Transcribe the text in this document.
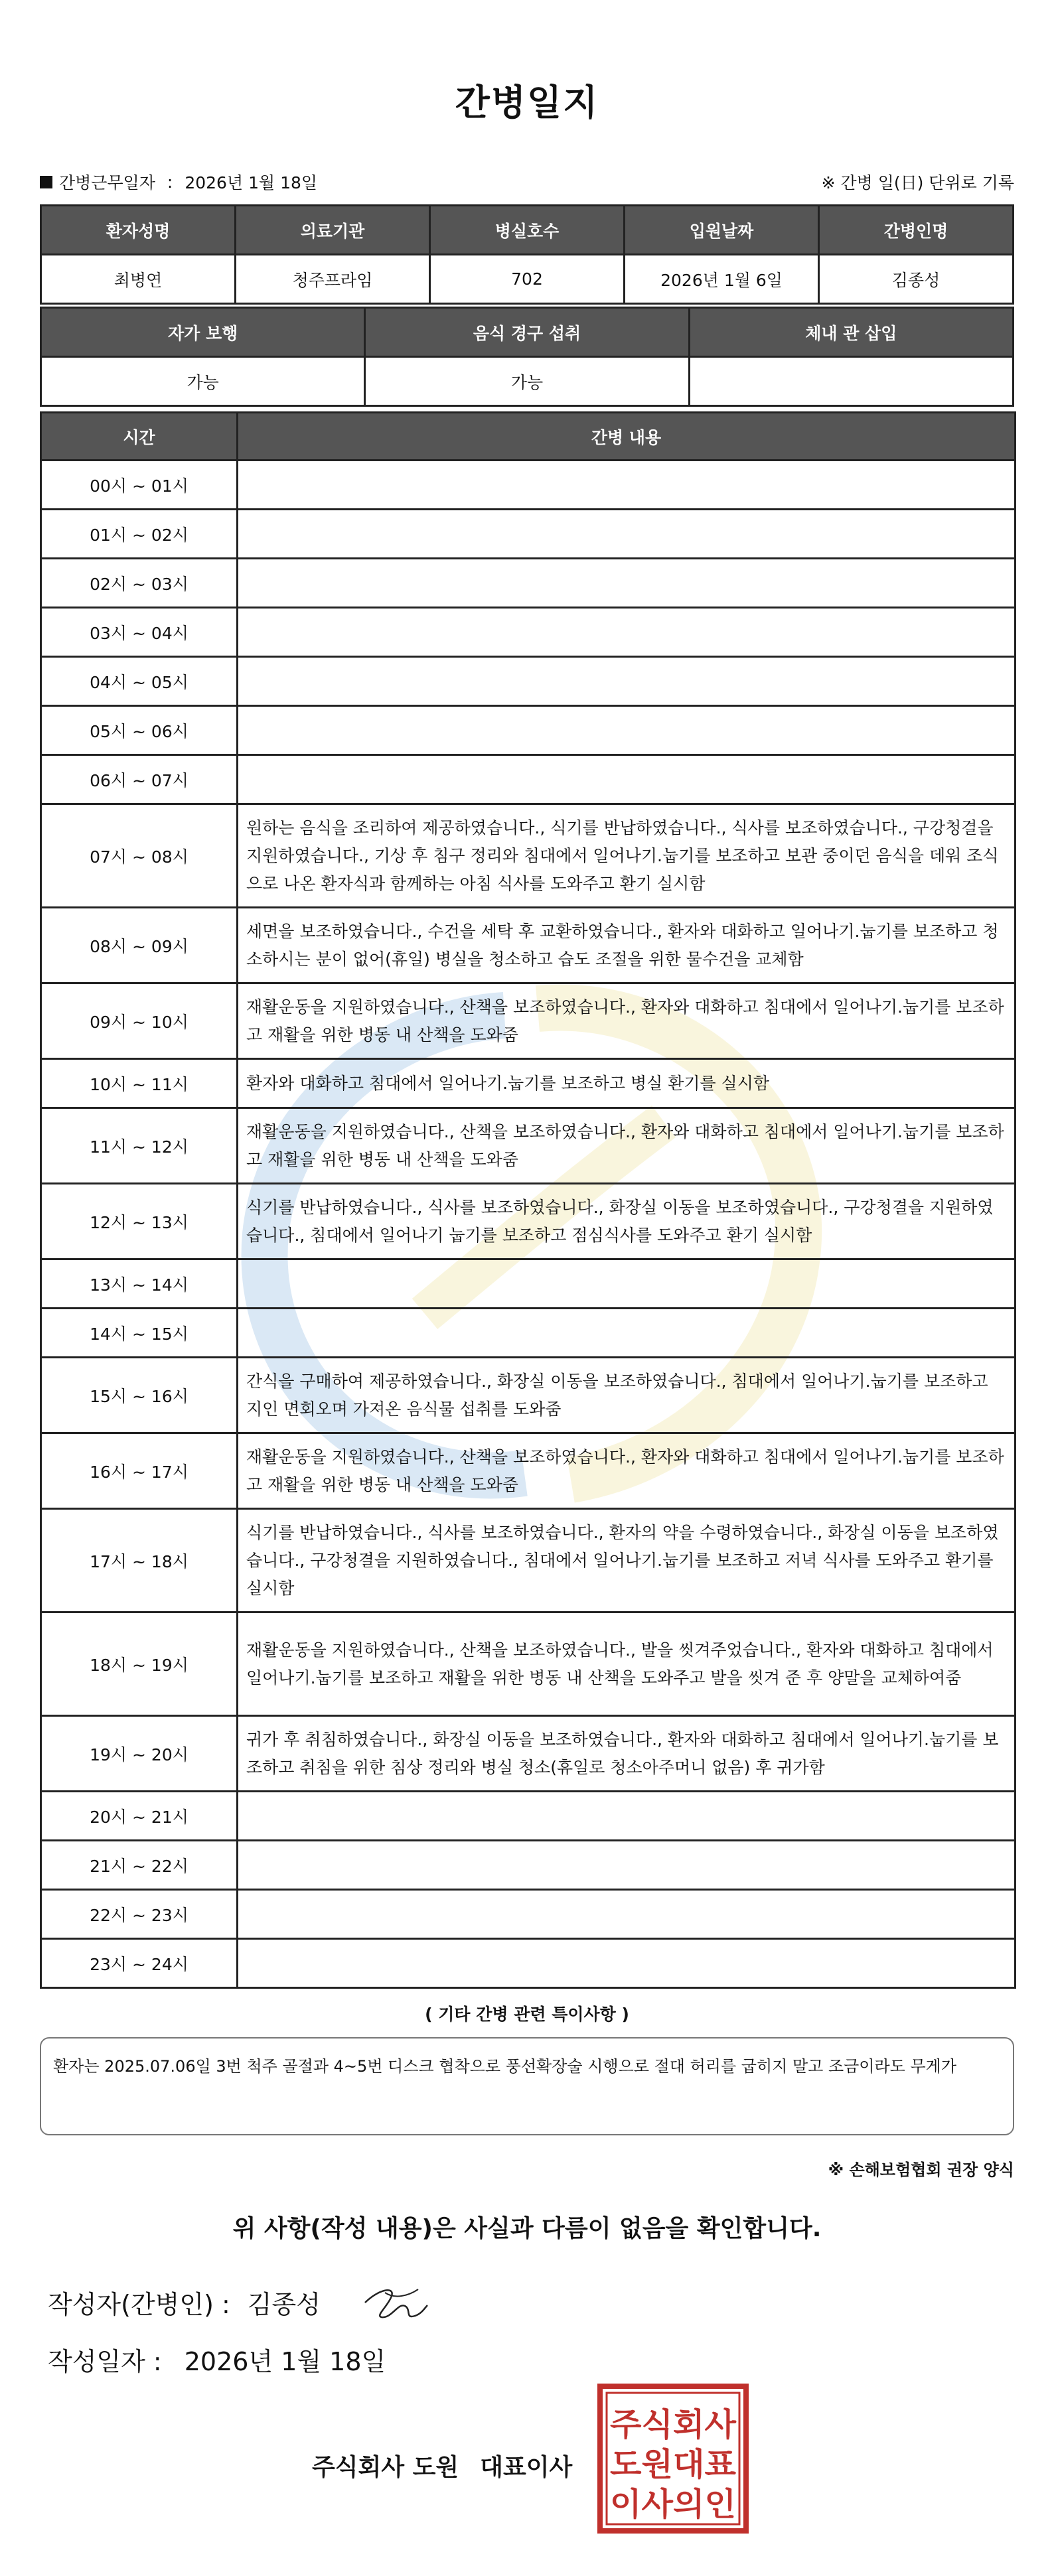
간병일지
간병근무일자 : 2026년 1월 18일	※ 간병 일(日) 단위로 기록
환자성명	의료기관	병실호수	입원날짜	간병인명
최병연	청주프라임	702	2026년 1월 6일	김종성
자가 보행	음식 경구 섭취	체내 관 삽입
가능	가능	
시간	간병 내용
00시 ~ 01시	
01시 ~ 02시	
02시 ~ 03시	
03시 ~ 04시	
04시 ~ 05시	
05시 ~ 06시	
06시 ~ 07시	
07시 ~ 08시	원하는 음식을 조리하여 제공하였습니다., 식기를 반납하였습니다., 식사를 보조하였습니다., 구강청결을 지원하였습니다., 기상 후 침구 정리와 침대에서 일어나기.눕기를 보조하고 보관 중이던 음식을 데워 조식으로 나온 환자식과 함께하는 아침 식사를 도와주고 환기 실시함
08시 ~ 09시	세면을 보조하였습니다., 수건을 세탁 후 교환하였습니다., 환자와 대화하고 일어나기.눕기를 보조하고 청소하시는 분이 없어(휴일) 병실을 청소하고 습도 조절을 위한 물수건을 교체함
09시 ~ 10시	재활운동을 지원하였습니다., 산책을 보조하였습니다., 환자와 대화하고 침대에서 일어나기.눕기를 보조하고 재활을 위한 병동 내 산책을 도와줌
10시 ~ 11시	환자와 대화하고 침대에서 일어나기.눕기를 보조하고 병실 환기를 실시함
11시 ~ 12시	재활운동을 지원하였습니다., 산책을 보조하였습니다., 환자와 대화하고 침대에서 일어나기.눕기를 보조하고 재활을 위한 병동 내 산책을 도와줌
12시 ~ 13시	식기를 반납하였습니다., 식사를 보조하였습니다., 화장실 이동을 보조하였습니다., 구강청결을 지원하였습니다., 침대에서 일어나기 눕기를 보조하고 점심식사를 도와주고 환기 실시함
13시 ~ 14시	
14시 ~ 15시	
15시 ~ 16시	간식을 구매하여 제공하였습니다., 화장실 이동을 보조하였습니다., 침대에서 일어나기.눕기를 보조하고 지인 면회오며 가져온 음식물 섭취를 도와줌
16시 ~ 17시	재활운동을 지원하였습니다., 산책을 보조하였습니다., 환자와 대화하고 침대에서 일어나기.눕기를 보조하고 재활을 위한 병동 내 산책을 도와줌
17시 ~ 18시	식기를 반납하였습니다., 식사를 보조하였습니다., 환자의 약을 수령하였습니다., 화장실 이동을 보조하였습니다., 구강청결을 지원하였습니다., 침대에서 일어나기.눕기를 보조하고 저녁 식사를 도와주고 환기를 실시함
18시 ~ 19시	재활운동을 지원하였습니다., 산책을 보조하였습니다., 발을 씻겨주었습니다., 환자와 대화하고 침대에서 일어나기.눕기를 보조하고 재활을 위한 병동 내 산책을 도와주고 발을 씻겨 준 후 양말을 교체하여줌
19시 ~ 20시	귀가 후 취침하였습니다., 화장실 이동을 보조하였습니다., 환자와 대화하고 침대에서 일어나기.눕기를 보조하고 취침을 위한 침상 정리와 병실 청소(휴일로 청소아주머니 없음) 후 귀가함
20시 ~ 21시	
21시 ~ 22시	
22시 ~ 23시	
23시 ~ 24시	
( 기타 간병 관련 특이사항 )
환자는 2025.07.06일 3번 척주 골절과 4~5번 디스크 협착으로 풍선확장술 시행으로 절대 허리를 굽히지 말고 조금이라도 무게가
※ 손해보험협회 권장 양식
위 사항(작성 내용)은 사실과 다름이 없음을 확인합니다.
작성자(간병인) : 김종성
작성일자 : 2026년 1월 18일
주식회사 도원 대표이사
주식회사
도원대표
이사의인
